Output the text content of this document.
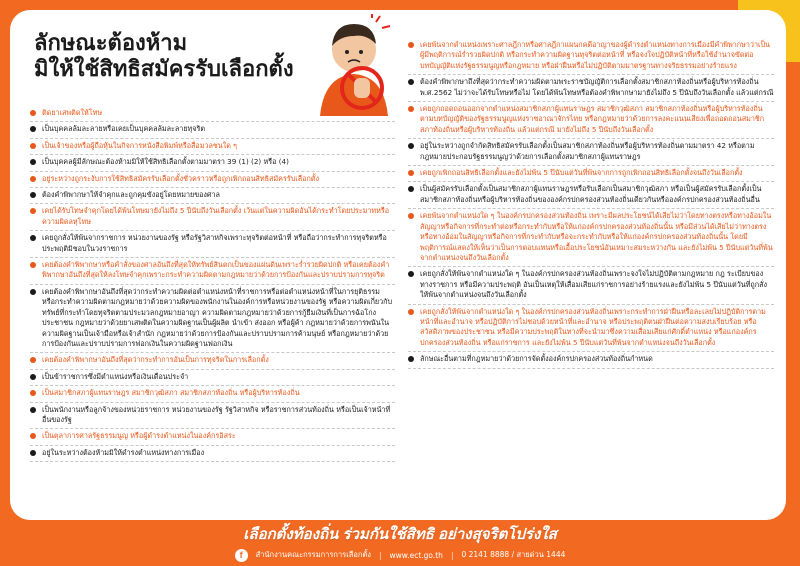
ลักษณะต้องห้าม
มิให้ใช้สิทธิสมัครรับเลือกตั้ง
ติดยาเสพติดให้โทษ
เป็นบุคคลล้มละลายหรือเคยเป็นบุคคลล้มละลายทุจริต
เป็นเจ้าของหรือผู้ถือหุ้นในกิจการหนังสือพิมพ์หรือสื่อมวลชนใด ๆ
เป็นบุคคลผู้มีลักษณะต้องห้ามมิให้ใช้สิทธิเลือกตั้งตามมาตรา 39 (1) (2) หรือ (4)
อยู่ระหว่างถูกระงับการใช้สิทธิสมัครรับเลือกตั้งชั่วคราวหรือถูกเพิกถอนสิทธิสมัครรับเลือกตั้ง
ต้องคำพิพากษาให้จำคุกและถูกคุมขังอยู่โดยหมายของศาล
เคยได้รับโทษจำคุกโดยได้พ้นโทษมายังไม่ถึง 5 ปีนับถึงวันเลือกตั้ง เว้นแต่ในความผิดอันได้กระทำโดยประมาทหรือความผิดลหุโทษ
เคยถูกสั่งให้พ้นจากราชการ หน่วยงานของรัฐ หรือรัฐวิสาหกิจเพราะทุจริตต่อหน้าที่ หรือถือว่ากระทำการทุจริตหรือประพฤติมิชอบในวงราชการ
เคยต้องคำพิพากษาหรือคำสั่งของศาลอันถึงที่สุดให้ทรัพย์สินตกเป็นของแผ่นดินเพราะร่ำรวยผิดปกติ หรือเคยต้องคำพิพากษาอันถึงที่สุดให้ลงโทษจำคุกเพราะกระทำความผิดตามกฎหมายว่าด้วยการป้องกันและปราบปรามการทุจริต
เคยต้องคำพิพากษาอันถึงที่สุดว่ากระทำความผิดต่อตำแหน่งหน้าที่ราชการหรือต่อตำแหน่งหน้าที่ในการยุติธรรม หรือกระทำความผิดตามกฎหมายว่าด้วยความผิดของพนักงานในองค์การหรือหน่วยงานของรัฐ หรือความผิดเกี่ยวกับทรัพย์ที่กระทำโดยทุจริตตามประมวลกฎหมายอาญา ความผิดตามกฎหมายว่าด้วยการกู้ยืมเงินที่เป็นการฉ้อโกงประชาชน กฎหมายว่าด้วยยาเสพติดในความผิดฐานเป็นผู้ผลิต นำเข้า ส่งออก หรือผู้ค้า กฎหมายว่าด้วยการพนันในความผิดฐานเป็นเจ้ามือหรือเจ้าสำนัก กฎหมายว่าด้วยการป้องกันและปราบปรามการค้ามนุษย์ หรือกฎหมายว่าด้วยการป้องกันและปราบปรามการฟอกเงินในความผิดฐานฟอกเงิน
เคยต้องคำพิพากษาอันถึงที่สุดว่ากระทำการอันเป็นการทุจริตในการเลือกตั้ง
เป็นข้าราชการซึ่งมีตำแหน่งหรือเงินเดือนประจำ
เป็นสมาชิกสภาผู้แทนราษฎร สมาชิกวุฒิสภา สมาชิกสภาท้องถิ่น หรือผู้บริหารท้องถิ่น
เป็นพนักงานหรือลูกจ้างของหน่วยราชการ หน่วยงานของรัฐ รัฐวิสาหกิจ หรือราชการส่วนท้องถิ่น หรือเป็นเจ้าหน้าที่อื่นของรัฐ
เป็นตุลาการศาลรัฐธรรมนูญ หรือผู้ดำรงตำแหน่งในองค์กรอิสระ
อยู่ในระหว่างต้องห้ามมิให้ดำรงตำแหน่งทางการเมือง
เคยพ้นจากตำแหน่งเพราะศาลฎีกาหรือศาลฎีกาแผนกคดีอาญาของผู้ดำรงตำแหน่งทางการเมืองมีคำพิพากษาว่าเป็นผู้มีพฤติการณ์ร่ำรวยผิดปกติ หรือกระทำความผิดฐานทุจริตต่อหน้าที่ หรือจงใจปฏิบัติหน้าที่หรือใช้อำนาจขัดต่อบทบัญญัติแห่งรัฐธรรมนูญหรือกฎหมาย หรือฝ่าฝืนหรือไม่ปฏิบัติตามมาตรฐานทางจริยธรรมอย่างร้ายแรง
ต้องคำพิพากษาถึงที่สุดว่ากระทำความผิดตามพระราชบัญญัติการเลือกตั้งสมาชิกสภาท้องถิ่นหรือผู้บริหารท้องถิ่น พ.ศ.2562 ไม่ว่าจะได้รับโทษหรือไม่ โดยได้พ้นโทษหรือต้องคำพิพากษามายังไม่ถึง 5 ปีนับถึงวันเลือกตั้ง แล้วแต่กรณี
เคยถูกถอดถอนออกจากตำแหน่งสมาชิกสภาผู้แทนราษฎร สมาชิกวุฒิสภา สมาชิกสภาท้องถิ่นหรือผู้บริหารท้องถิ่น ตามบทบัญญัติของรัฐธรรมนูญแห่งราชอาณาจักรไทย หรือกฎหมายว่าด้วยการลงคะแนนเสียงเพื่อถอดถอนสมาชิกสภาท้องถิ่นหรือผู้บริหารท้องถิ่น แล้วแต่กรณี มายังไม่ถึง 5 ปีนับถึงวันเลือกตั้ง
อยู่ในระหว่างถูกจำกัดสิทธิสมัครรับเลือกตั้งเป็นสมาชิกสภาท้องถิ่นหรือผู้บริหารท้องถิ่นตามมาตรา 42 หรือตามกฎหมายประกอบรัฐธรรมนูญว่าด้วยการเลือกตั้งสมาชิกสภาผู้แทนราษฎร
เคยถูกเพิกถอนสิทธิเลือกตั้งและยังไม่พ้น 5 ปีนับแต่วันที่พ้นจากการถูกเพิกถอนสิทธิเลือกตั้งจนถึงวันเลือกตั้ง
เป็นผู้สมัครรับเลือกตั้งเป็นสมาชิกสภาผู้แทนราษฎรหรือรับเลือกเป็นสมาชิกวุฒิสภา หรือเป็นผู้สมัครรับเลือกตั้งเป็นสมาชิกสภาท้องถิ่นหรือผู้บริหารท้องถิ่นขององค์กรปกครองส่วนท้องถิ่นเดียวกันหรือองค์กรปกครองส่วนท้องถิ่นอื่น
เคยพ้นจากตำแหน่งใด ๆ ในองค์กรปกครองส่วนท้องถิ่น เพราะมีผลประโยชน์ได้เสียไม่ว่าโดยทางตรงหรือทางอ้อมในสัญญาหรือกิจการที่กระทำต่อหรือกระทำกับหรือให้แก่องค์กรปกครองส่วนท้องถิ่นนั้น หรือมีส่วนได้เสียไม่ว่าทางตรงหรือทางอ้อมในสัญญาหรือกิจการที่กระทำกับหรือจะกระทำกับหรือให้แก่องค์กรปกครองส่วนท้องถิ่นนั้น โดยมีพฤติการณ์แสดงให้เห็นว่าเป็นการตอบแทนหรือเอื้อประโยชน์อันเหมาะสมระหว่างกัน และยังไม่พ้น 5 ปีนับแต่วันที่พ้นจากตำแหน่งจนถึงวันเลือกตั้ง
เคยถูกสั่งให้พ้นจากตำแหน่งใด ๆ ในองค์กรปกครองส่วนท้องถิ่นเพราะจงใจไม่ปฏิบัติตามกฎหมาย กฎ ระเบียบของทางราชการ หรือมีความประพฤติ อันเป็นเหตุให้เสื่อมเสียแก่ราชการอย่างร้ายแรงและยังไม่พ้น 5 ปีนับแต่วันที่ถูกสั่งให้พ้นจากตำแหน่งจนถึงวันเลือกตั้ง
เคยถูกสั่งให้พ้นจากตำแหน่งใด ๆ ในองค์กรปกครองส่วนท้องถิ่นเพราะกระทำการฝ่าฝืนหรือละเลยไม่ปฏิบัติการตามหน้าที่และอำนาจ หรือปฏิบัติการไม่ชอบด้วยหน้าที่และอำนาจ หรือประพฤติตนฝ่าฝืนต่อความสงบเรียบร้อย หรือสวัสดิภาพของประชาชน หรือมีความประพฤติในทางที่จะนำมาซึ่งความเสื่อมเสียแก่ศักดิ์ตำแหน่ง หรือแก่องค์กรปกครองส่วนท้องถิ่น หรือแก่ราชการ และยังไม่พ้น 5 ปีนับแต่วันที่พ้นจากตำแหน่งจนถึงวันเลือกตั้ง
ลักษณะอื่นตามที่กฎหมายว่าด้วยการจัดตั้งองค์กรปกครองส่วนท้องถิ่นกำหนด
เลือกตั้งท้องถิ่น ร่วมกันใช้สิทธิ อย่างสุจริตโปร่งใส
f	สำนักงานคณะกรรมการการเลือกตั้ง | www.ect.go.th | 0 2141 8888 / สายด่วน 1444
